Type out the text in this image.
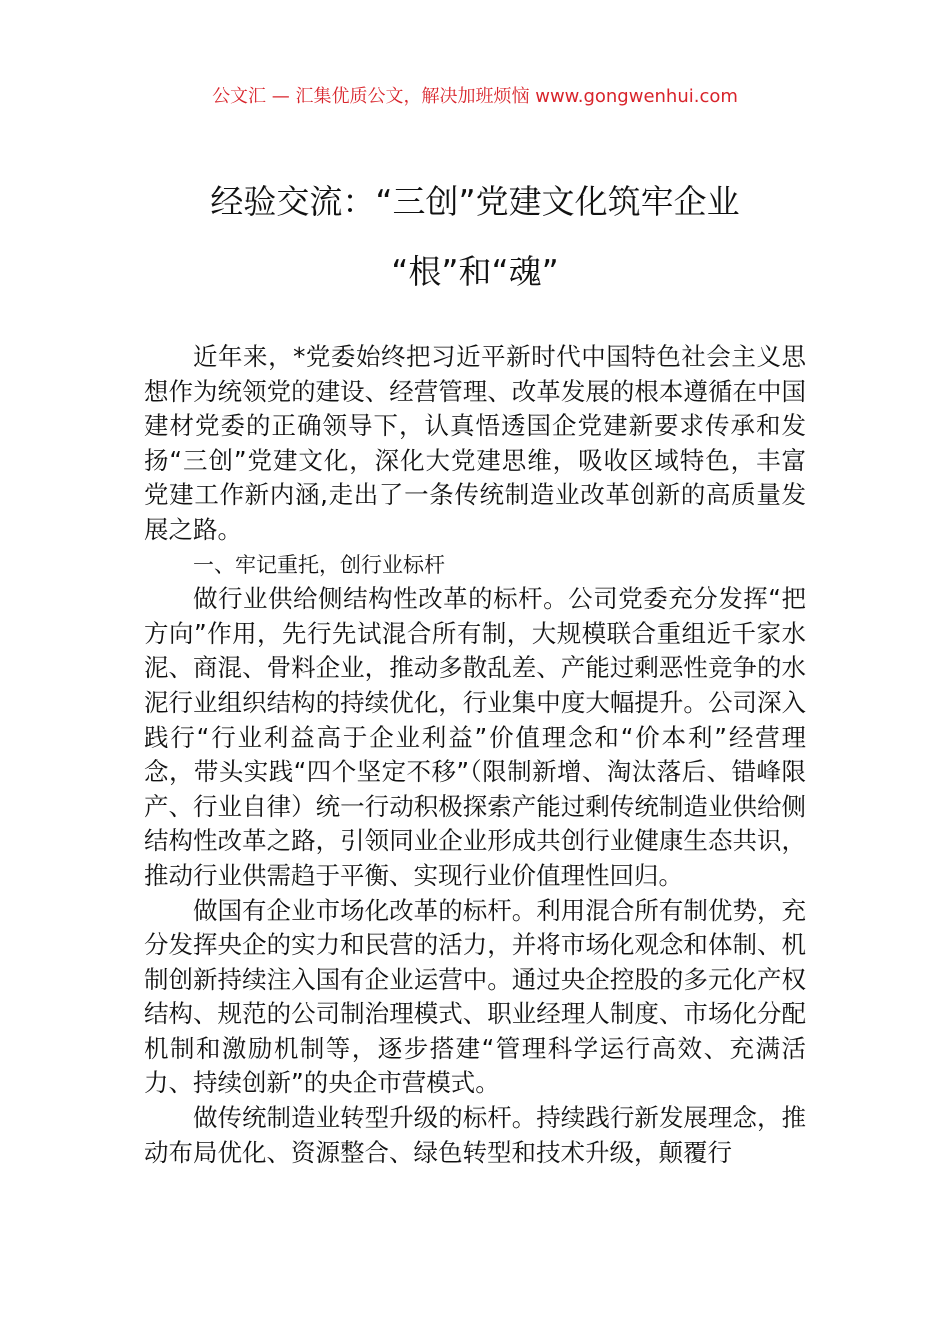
公文汇 — 汇集优质公文，解决加班烦恼 www.gongwenhui.com
经验交流：“三创”党建文化筑牢企业
“根”和“魂”

近年来，*党委始终把习近平新时代中国特色社会主义思想作为统领党的建设、经营管理、改革发展的根本遵循在中国建材党委的正确领导下，认真悟透国企党建新要求传承和发扬“三创”党建文化，深化大党建思维，吸收区域特色，丰富党建工作新内涵,走出了一条传统制造业改革创新的高质量发展之路。

一、牢记重托，创行业标杆

做行业供给侧结构性改革的标杆。公司党委充分发挥“把方向”作用，先行先试混合所有制，大规模联合重组近千家水泥、商混、骨料企业，推动多散乱差、产能过剩恶性竞争的水泥行业组织结构的持续优化，行业集中度大幅提升。公司深入践行“行业利益高于企业利益”价值理念和“价本利”经营理念，带头实践“四个坚定不移”（限制新增、淘汰落后、错峰限产、行业自律）统一行动积极探索产能过剩传统制造业供给侧结构性改革之路，引领同业企业形成共创行业健康生态共识，推动行业供需趋于平衡、实现行业价值理性回归。

做国有企业市场化改革的标杆。利用混合所有制优势，充分发挥央企的实力和民营的活力，并将市场化观念和体制、机制创新持续注入国有企业运营中。通过央企控股的多元化产权结构、规范的公司制治理模式、职业经理人制度、市场化分配机制和激励机制等，逐步搭建“管理科学运行高效、充满活力、持续创新”的央企市营模式。

做传统制造业转型升级的标杆。持续践行新发展理念，推动布局优化、资源整合、绿色转型和技术升级，颠覆行
